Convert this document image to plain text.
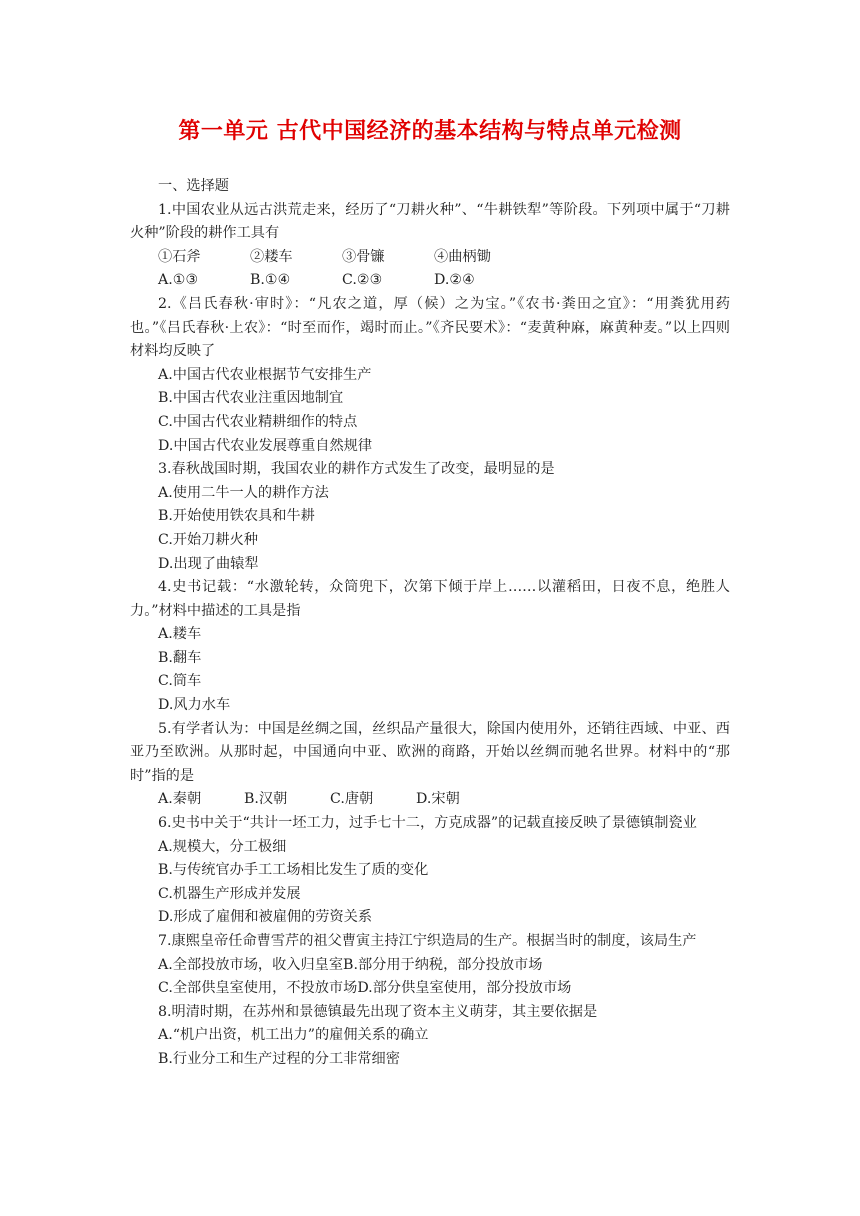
第一单元 古代中国经济的基本结构与特点单元检测

一、选择题

1.中国农业从远古洪荒走来，经历了“刀耕火种”、“牛耕铁犁”等阶段。下列项中属于“刀耕火种”阶段的耕作工具有

①石斧	②耧车	③骨镰	④曲柄锄

A.①③	B.①④	C.②③	D.②④

2.《吕氏春秋·审时》：“凡农之道，厚（候）之为宝。”《农书·粪田之宜》：“用粪犹用药也。”《吕氏春秋·上农》：“时至而作，竭时而止。”《齐民要术》：“麦黄种麻，麻黄种麦。”以上四则材料均反映了

A.中国古代农业根据节气安排生产

B.中国古代农业注重因地制宜

C.中国古代农业精耕细作的特点

D.中国古代农业发展尊重自然规律

3.春秋战国时期，我国农业的耕作方式发生了改变，最明显的是

A.使用二牛一人的耕作方法

B.开始使用铁农具和牛耕

C.开始刀耕火种

D.出现了曲辕犁

4.史书记载：“水激轮转，众筒兜下，次第下倾于岸上……以灌稻田，日夜不息，绝胜人力。”材料中描述的工具是指

A.耧车

B.翻车

C.筒车

D.风力水车

5.有学者认为：中国是丝绸之国，丝织品产量很大，除国内使用外，还销往西域、中亚、西亚乃至欧洲。从那时起，中国通向中亚、欧洲的商路，开始以丝绸而驰名世界。材料中的“那时”指的是

A.秦朝	B.汉朝	C.唐朝	D.宋朝

6.史书中关于“共计一坯工力，过手七十二，方克成器”的记载直接反映了景德镇制瓷业

A.规模大，分工极细

B.与传统官办手工工场相比发生了质的变化

C.机器生产形成并发展

D.形成了雇佣和被雇佣的劳资关系

7.康熙皇帝任命曹雪芹的祖父曹寅主持江宁织造局的生产。根据当时的制度，该局生产

A.全部投放市场，收入归皇室B.部分用于纳税，部分投放市场

C.全部供皇室使用，不投放市场D.部分供皇室使用，部分投放市场

8.明清时期，在苏州和景德镇最先出现了资本主义萌芽，其主要依据是

A.“机户出资，机工出力”的雇佣关系的确立

B.行业分工和生产过程的分工非常细密
